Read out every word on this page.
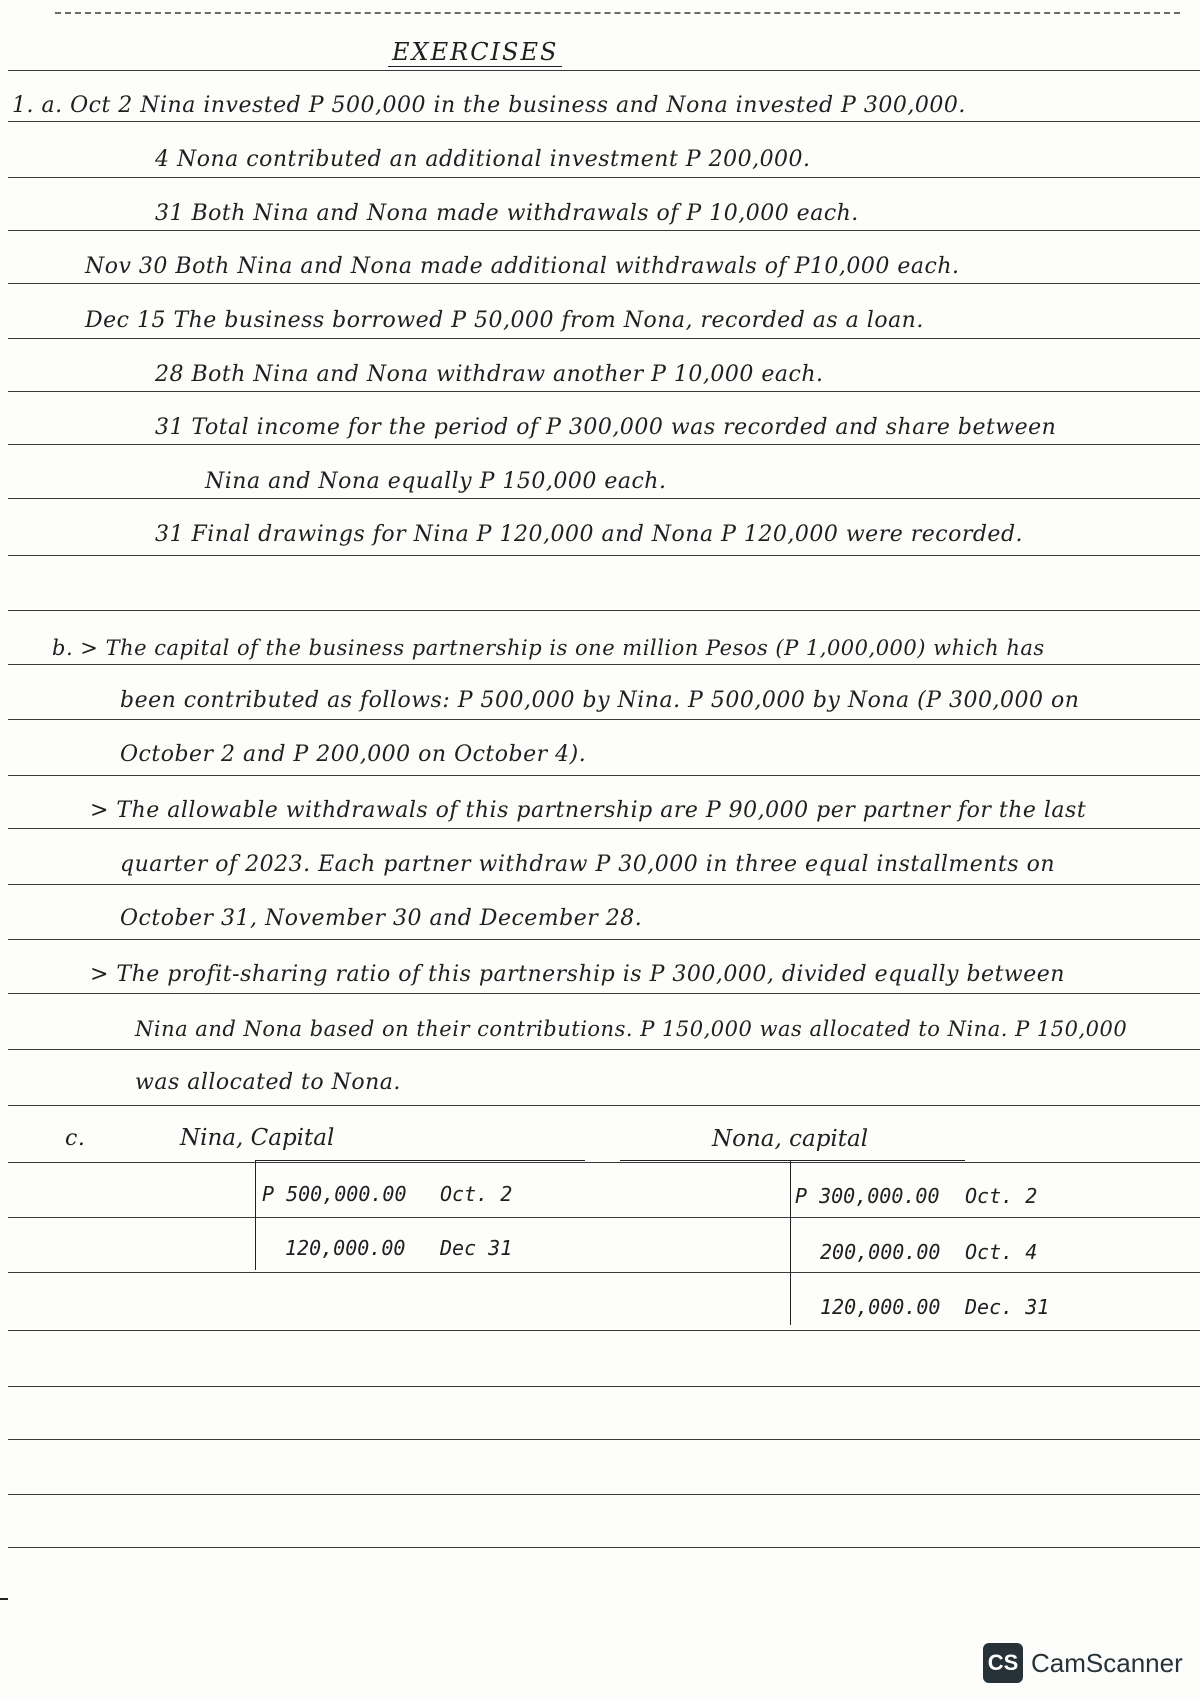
EXERCISES
1. a. Oct 2 Nina invested P 500,000 in the business and Nona invested P 300,000.
4 Nona contributed an additional investment P 200,000.
31 Both Nina and Nona made withdrawals of P 10,000 each.
Nov 30 Both Nina and Nona made additional withdrawals of P10,000 each.
Dec 15 The business borrowed P 50,000 from Nona, recorded as a loan.
28 Both Nina and Nona withdraw another P 10,000 each.
31 Total income for the period of P 300,000 was recorded and share between
Nina and Nona equally P 150,000 each.
31 Final drawings for Nina P 120,000 and Nona P 120,000 were recorded.
b. > The capital of the business partnership is one million Pesos (P 1,000,000) which has
been contributed as follows: P 500,000 by Nina. P 500,000 by Nona (P 300,000 on
October 2 and P 200,000 on October 4).
> The allowable withdrawals of this partnership are P 90,000 per partner for the last
quarter of 2023. Each partner withdraw P 30,000 in three equal installments on
October 31, November 30 and December 28.
> The profit-sharing ratio of this partnership is P 300,000, divided equally between
Nina and Nona based on their contributions. P 150,000 was allocated to Nina. P 150,000
was allocated to Nona.
c.	Nina, Capital
P 500,000.00 Oct. 2
120,000.00 Dec 31
Nona, capital
P 300,000.00 Oct. 2
200,000.00 Oct. 4
120,000.00 Dec. 31
CS CamScanner
